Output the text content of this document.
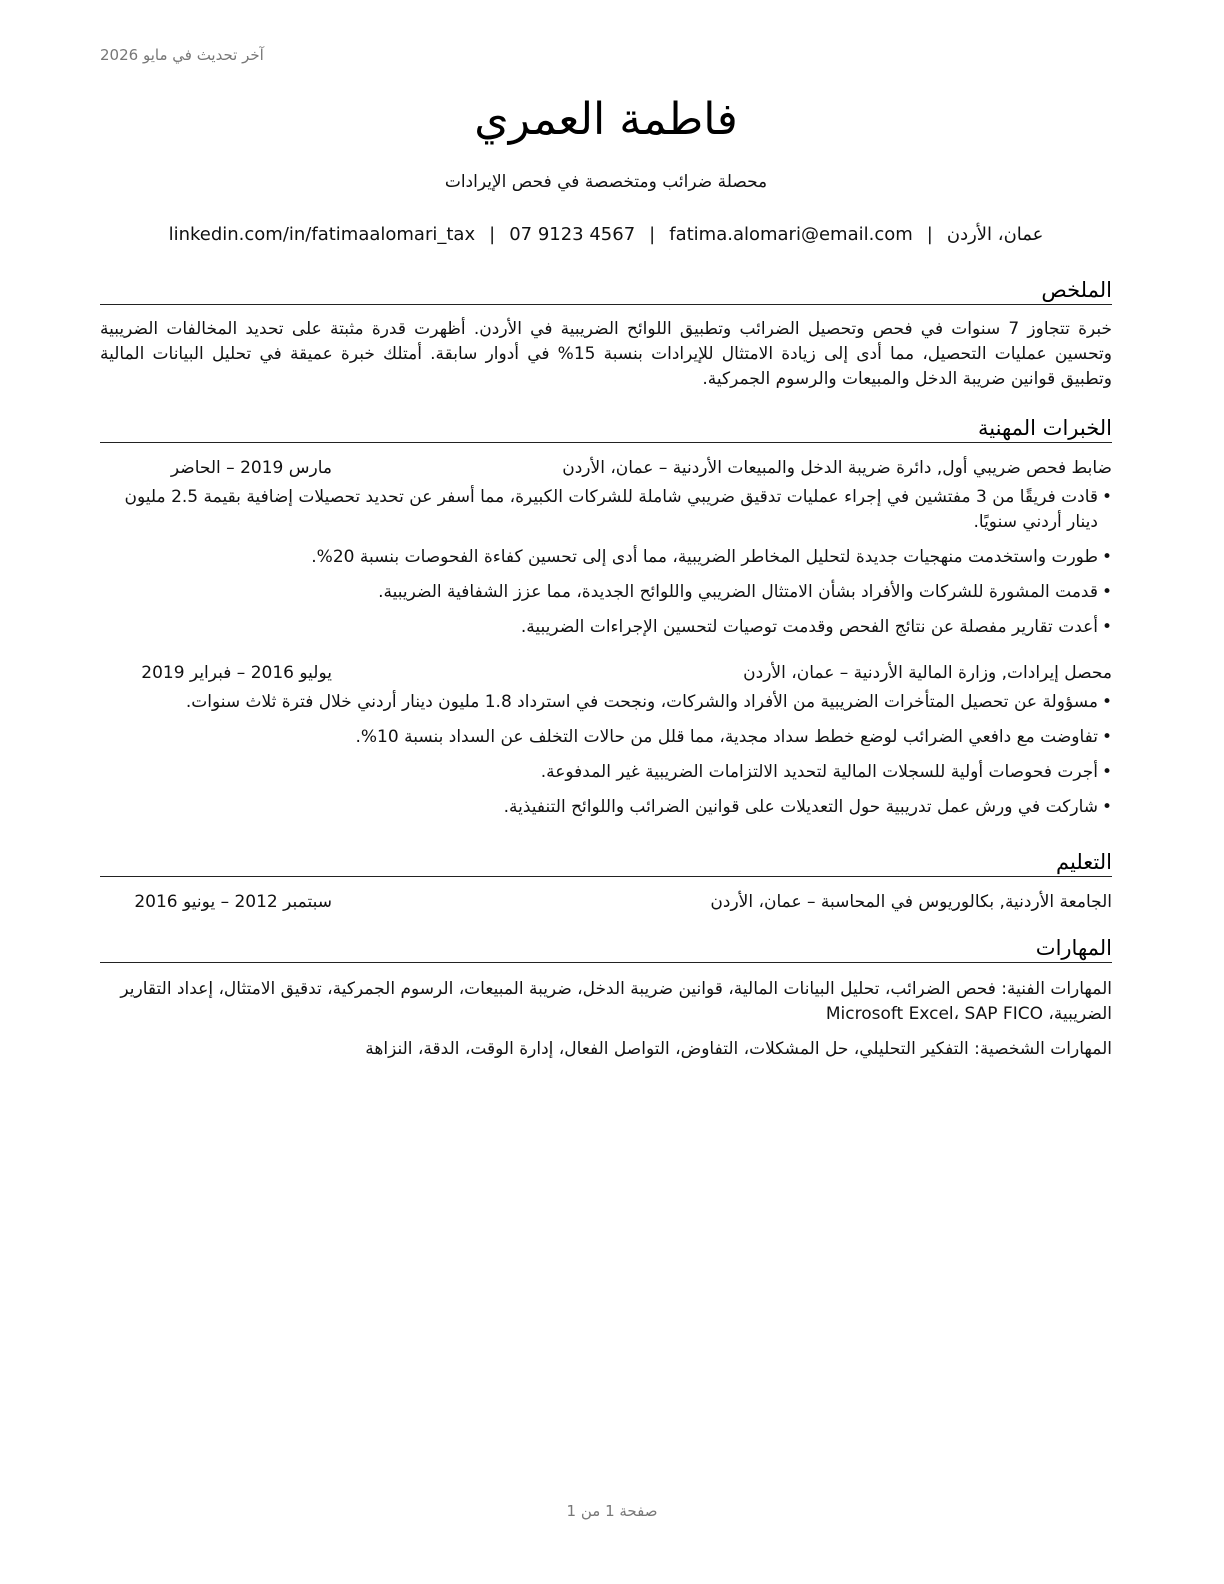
آخر تحديث في مايو 2026
فاطمة العمري
محصلة ضرائب ومتخصصة في فحص الإيرادات
عمان، الأردن|fatima.alomari@email.com|07 9123 4567|linkedin.com/in/fatimaalomari_tax
الملخص

خبرة تتجاوز 7 سنوات في فحص وتحصيل الضرائب وتطبيق اللوائح الضريبية في الأردن. أظهرت قدرة مثبتة على تحديد المخالفات الضريبية وتحسين عمليات التحصيل، مما أدى إلى زيادة الامتثال للإيرادات بنسبة 15% في أدوار سابقة. أمتلك خبرة عميقة في تحليل البيانات المالية وتطبيق قوانين ضريبة الدخل والمبيعات والرسوم الجمركية.

الخبرات المهنية
ضابط فحص ضريبي أول, دائرة ضريبة الدخل والمبيعات الأردنية – عمان، الأردن
مارس 2019 – الحاضر
• قادت فريقًا من 3 مفتشين في إجراء عمليات تدقيق ضريبي شاملة للشركات الكبيرة، مما أسفر عن تحديد تحصيلات إضافية بقيمة 2.5 مليون دينار أردني سنويًا.
• طورت واستخدمت منهجيات جديدة لتحليل المخاطر الضريبية، مما أدى إلى تحسين كفاءة الفحوصات بنسبة 20%.
• قدمت المشورة للشركات والأفراد بشأن الامتثال الضريبي واللوائح الجديدة، مما عزز الشفافية الضريبية.
• أعدت تقارير مفصلة عن نتائج الفحص وقدمت توصيات لتحسين الإجراءات الضريبية.
محصل إيرادات, وزارة المالية الأردنية – عمان، الأردن
يوليو 2016 – فبراير 2019
• مسؤولة عن تحصيل المتأخرات الضريبية من الأفراد والشركات، ونجحت في استرداد 1.8 مليون دينار أردني خلال فترة ثلاث سنوات.
• تفاوضت مع دافعي الضرائب لوضع خطط سداد مجدية، مما قلل من حالات التخلف عن السداد بنسبة 10%.
• أجرت فحوصات أولية للسجلات المالية لتحديد الالتزامات الضريبية غير المدفوعة.
• شاركت في ورش عمل تدريبية حول التعديلات على قوانين الضرائب واللوائح التنفيذية.
التعليم
الجامعة الأردنية, بكالوريوس في المحاسبة – عمان، الأردن
سبتمبر 2012 – يونيو 2016
المهارات

المهارات الفنية: فحص الضرائب، تحليل البيانات المالية، قوانين ضريبة الدخل، ضريبة المبيعات، الرسوم الجمركية، تدقيق الامتثال، إعداد التقارير الضريبية، Microsoft Excel، SAP FICO

المهارات الشخصية: التفكير التحليلي، حل المشكلات، التفاوض، التواصل الفعال، إدارة الوقت، الدقة، النزاهة

صفحة 1 من 1
